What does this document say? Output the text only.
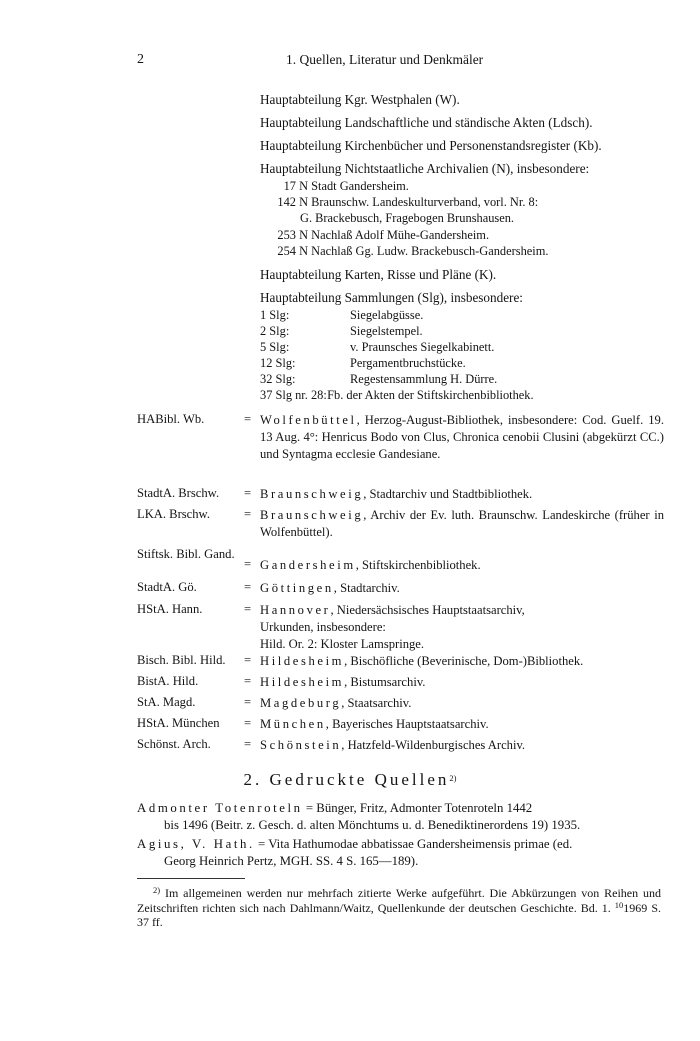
2	1. Quellen, Literatur und Denkmäler
Hauptabteilung Kgr. Westphalen (W).
Hauptabteilung Landschaftliche und ständische Akten (Ldsch).
Hauptabteilung Kirchenbücher und Personenstandsregister (Kb).
Hauptabteilung Nichtstaatliche Archivalien (N), insbesondere:
17 N Stadt Gandersheim.
142 N Braunschw. Landeskulturverband, vorl. Nr. 8:
G. Brackebusch, Fragebogen Brunshausen.
253 N Nachlaß Adolf Mühe-Gandersheim.
254 N Nachlaß Gg. Ludw. Brackebusch-Gandersheim.
Hauptabteilung Karten, Risse und Pläne (K).
Hauptabteilung Sammlungen (Slg), insbesondere:
1 Slg:	Siegelabgüsse.
2 Slg:	Siegelstempel.
5 Slg:	v. Praunsches Siegelkabinett.
12 Slg:	Pergamentbruchstücke.
32 Slg:	Regestensammlung H. Dürre.
37 Slg nr. 28: Fb. der Akten der Stiftskirchenbibliothek.
HABibl. Wb.	= Wolfenbüttel, Herzog-August-Bibliothek, insbesondere: Cod. Guelf. 19. 13 Aug. 4°: Henricus Bodo von Clus, Chronica cenobii Clusini (abgekürzt CC.) und Syntagma ecclesie Gandesiane.
StadtA. Brschw.	= Braunschweig, Stadtarchiv und Stadtbibliothek.
LKA. Brschw.	= Braunschweig, Archiv der Ev. luth. Braunschw. Landeskirche (früher in Wolfenbüttel).
Stiftsk. Bibl. Gand.
= Gandersheim, Stiftskirchenbibliothek.
StadtA. Gö.	= Göttingen, Stadtarchiv.
HStA. Hann.	= Hannover, Niedersächsisches Hauptstaatsarchiv,
Urkunden, insbesondere:
Hild. Or. 2: Kloster Lamspringe.
Bisch. Bibl. Hild.	= Hildesheim, Bischöfliche (Beverinische, Dom-)Bibliothek.
BistA. Hild.	= Hildesheim, Bistumsarchiv.
StA. Magd.	= Magdeburg, Staatsarchiv.
HStA. München	= München, Bayerisches Hauptstaatsarchiv.
Schönst. Arch.	= Schönstein, Hatzfeld-Wildenburgisches Archiv.
2. Gedruckte Quellen$^{2)}$
Admonter Totenroteln = Bünger, Fritz, Admonter Totenroteln 1442
bis 1496 (Beitr. z. Gesch. d. alten Mönchtums u. d. Benediktinerordens 19) 1935.
Agius, V. Hath. = Vita Hathumodae abbatissae Gandersheimensis primae (ed.
Georg Heinrich Pertz, MGH. SS. 4 S. 165—189).
$^{2)}$ Im allgemeinen werden nur mehrfach zitierte Werke aufgeführt. Die Abkürzungen von Reihen und Zeitschriften richten sich nach Dahlmann/Waitz, Quellenkunde der deutschen Geschichte. Bd. 1. $^{10}$1969 S. 37 ff.
